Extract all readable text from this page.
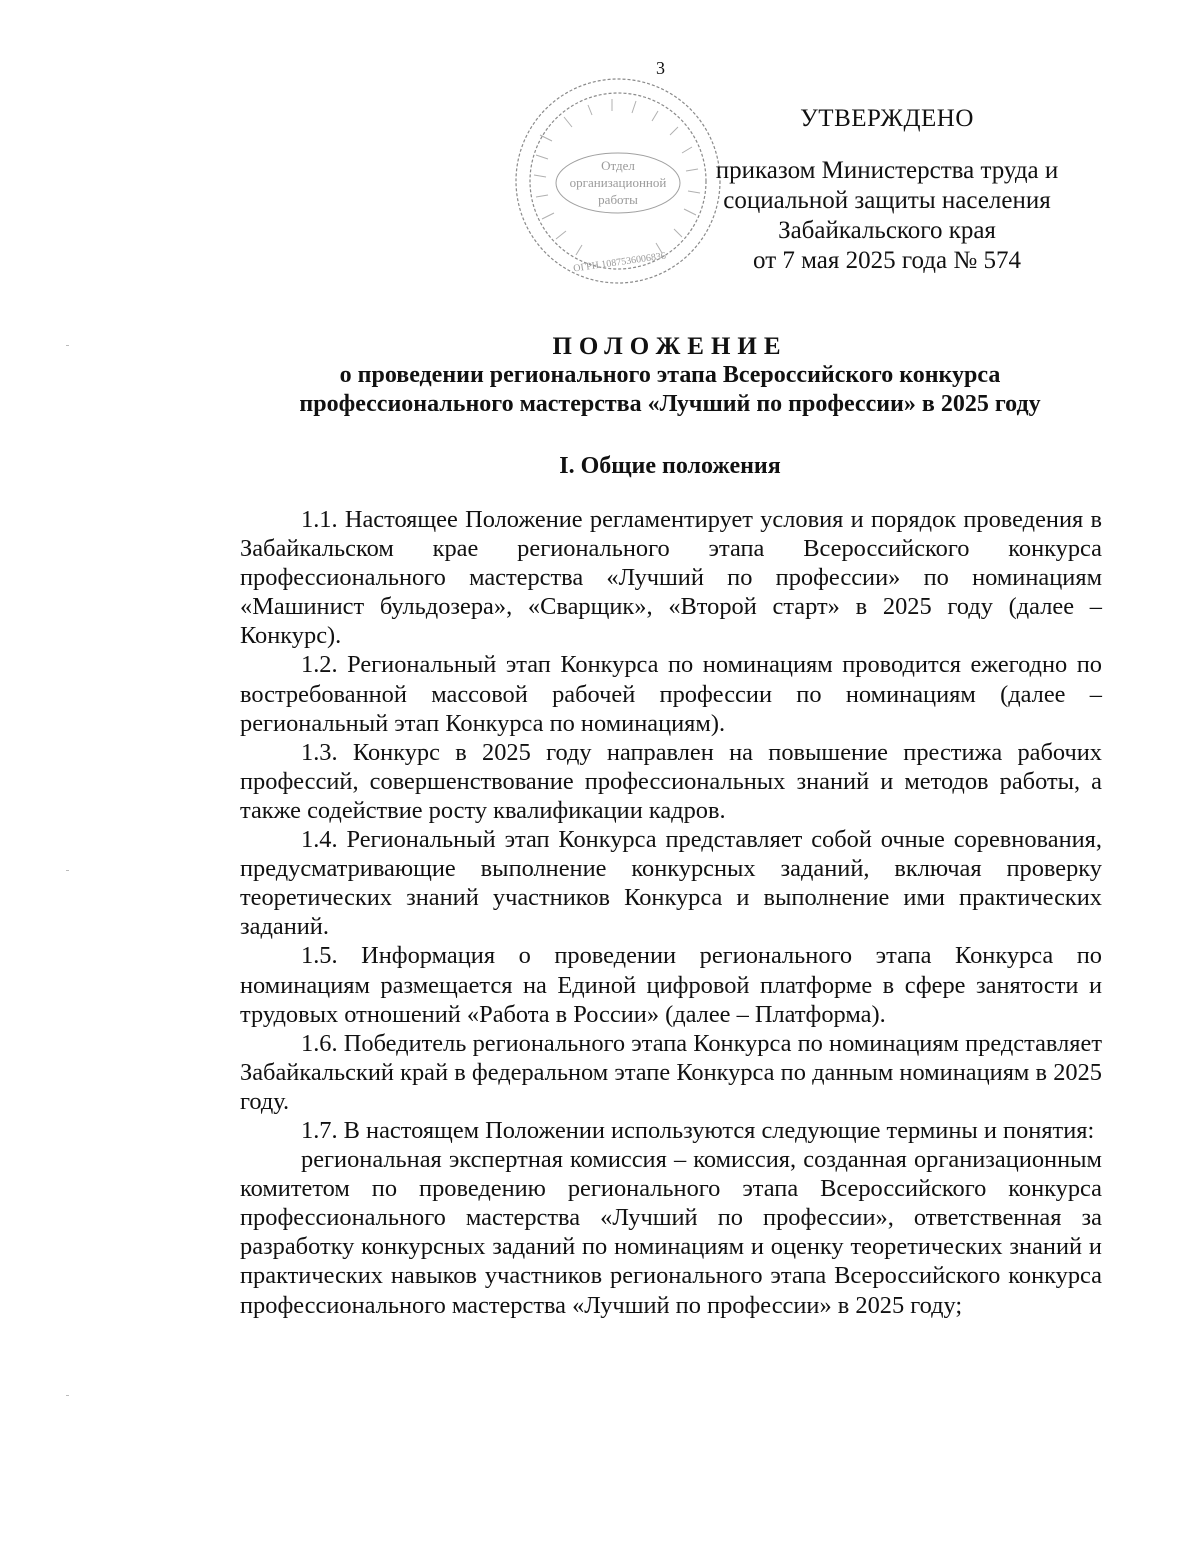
3
Отдел
организационной
работы
ОГРН 1087536006836
УТВЕРЖДЕНО
приказом Министерства труда и
социальной защиты населения
Забайкальского края
от 7 мая 2025 года № 574
ПОЛОЖЕНИЕ
о проведении регионального этапа Всероссийского конкурса
профессионального мастерства «Лучший по профессии» в 2025 году
I. Общие положения

1.1. Настоящее Положение регламентирует условия и порядок проведения в Забайкальском крае регионального этапа Всероссийского конкурса профессионального мастерства «Лучший по профессии» по номинациям «Машинист бульдозера», «Сварщик», «Второй старт» в 2025 году (далее – Конкурс).

1.2. Региональный этап Конкурса по номинациям проводится ежегодно по востребованной массовой рабочей профессии по номинациям (далее – региональный этап Конкурса по номинациям).

1.3. Конкурс в 2025 году направлен на повышение престижа рабочих профессий, совершенствование профессиональных знаний и методов работы, а также содействие росту квалификации кадров.

1.4. Региональный этап Конкурса представляет собой очные соревнования, предусматривающие выполнение конкурсных заданий, включая проверку теоретических знаний участников Конкурса и выполнение ими практических заданий.

1.5. Информация о проведении регионального этапа Конкурса по номинациям размещается на Единой цифровой платформе в сфере занятости и трудовых отношений «Работа в России» (далее – Платформа).

1.6. Победитель регионального этапа Конкурса по номинациям представляет Забайкальский край в федеральном этапе Конкурса по данным номинациям в 2025 году.

1.7. В настоящем Положении используются следующие термины и понятия:

региональная экспертная комиссия – комиссия, созданная организационным комитетом по проведению регионального этапа Всероссийского конкурса профессионального мастерства «Лучший по профессии», ответственная за разработку конкурсных заданий по номинациям и оценку теоретических знаний и практических навыков участников регионального этапа Всероссийского конкурса профессионального мастерства «Лучший по профессии» в 2025 году;
